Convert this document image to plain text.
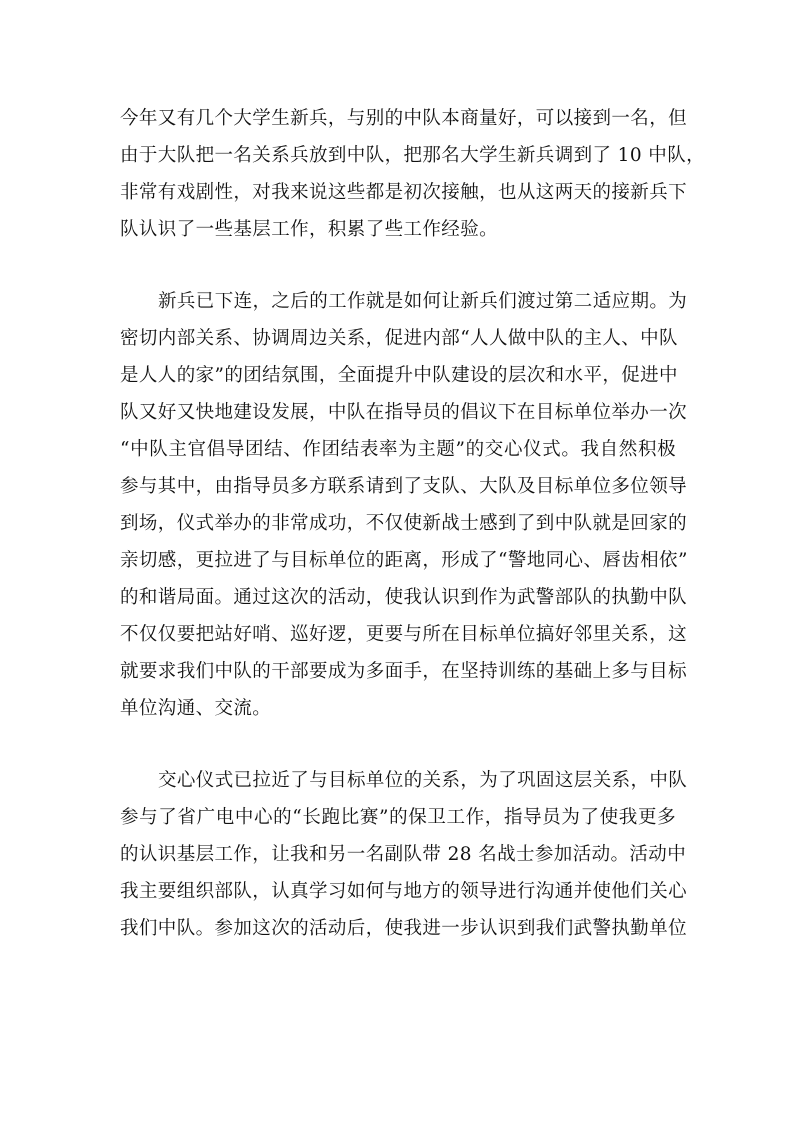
今年又有几个大学生新兵，与别的中队本商量好，可以接到一名，但
由于大队把一名关系兵放到中队，把那名大学生新兵调到了 10 中队，
非常有戏剧性，对我来说这些都是初次接触，也从这两天的接新兵下
队认识了一些基层工作，积累了些工作经验。
新兵已下连，之后的工作就是如何让新兵们渡过第二适应期。为
密切内部关系、协调周边关系，促进内部“人人做中队的主人、中队
是人人的家”的团结氛围，全面提升中队建设的层次和水平，促进中
队又好又快地建设发展，中队在指导员的倡议下在目标单位举办一次
“中队主官倡导团结、作团结表率为主题”的交心仪式。我自然积极
参与其中，由指导员多方联系请到了支队、大队及目标单位多位领导
到场，仪式举办的非常成功，不仅使新战士感到了到中队就是回家的
亲切感，更拉进了与目标单位的距离，形成了“警地同心、唇齿相依”
的和谐局面。通过这次的活动，使我认识到作为武警部队的执勤中队
不仅仅要把站好哨、巡好逻，更要与所在目标单位搞好邻里关系，这
就要求我们中队的干部要成为多面手，在坚持训练的基础上多与目标
单位沟通、交流。
交心仪式已拉近了与目标单位的关系，为了巩固这层关系，中队
参与了省广电中心的“长跑比赛”的保卫工作，指导员为了使我更多
的认识基层工作，让我和另一名副队带 28 名战士参加活动。活动中
我主要组织部队，认真学习如何与地方的领导进行沟通并使他们关心
我们中队。参加这次的活动后，使我进一步认识到我们武警执勤单位
